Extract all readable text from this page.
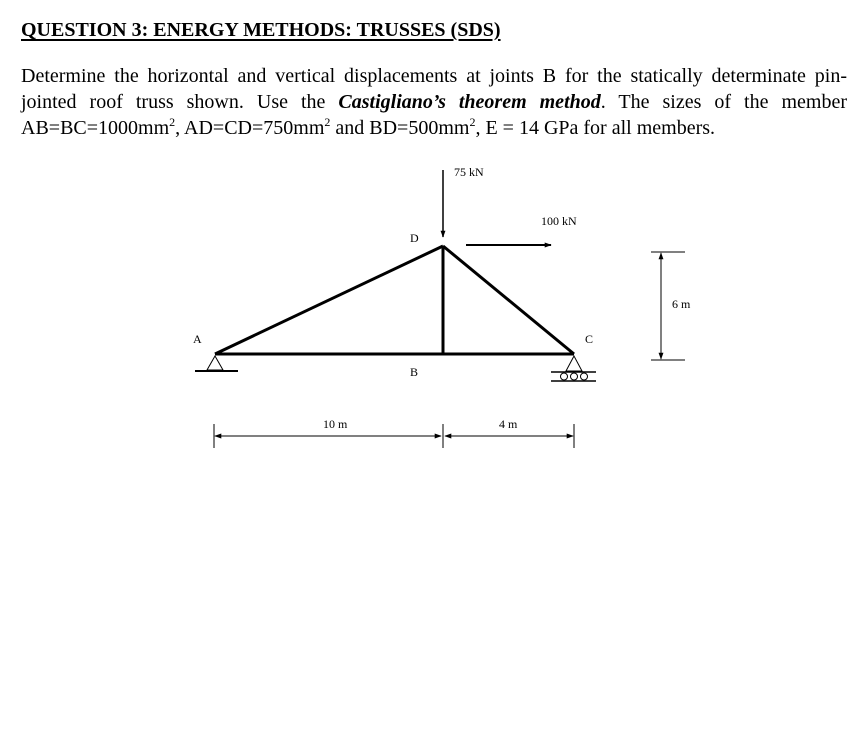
QUESTION 3: ENERGY METHODS: TRUSSES (SDS)

Determine the horizontal and vertical displacements at joints B for the statically determinate pin-jointed roof truss shown. Use the Castigliano’s theorem method. The sizes of the member $AB=BC=1000mm^2$, $AD=CD=750mm^2$ and $BD=500mm^2$, E = 14 GPa for all members.

A
D
B
C
75 kN
100 kN
10 m	4 m
6 m
